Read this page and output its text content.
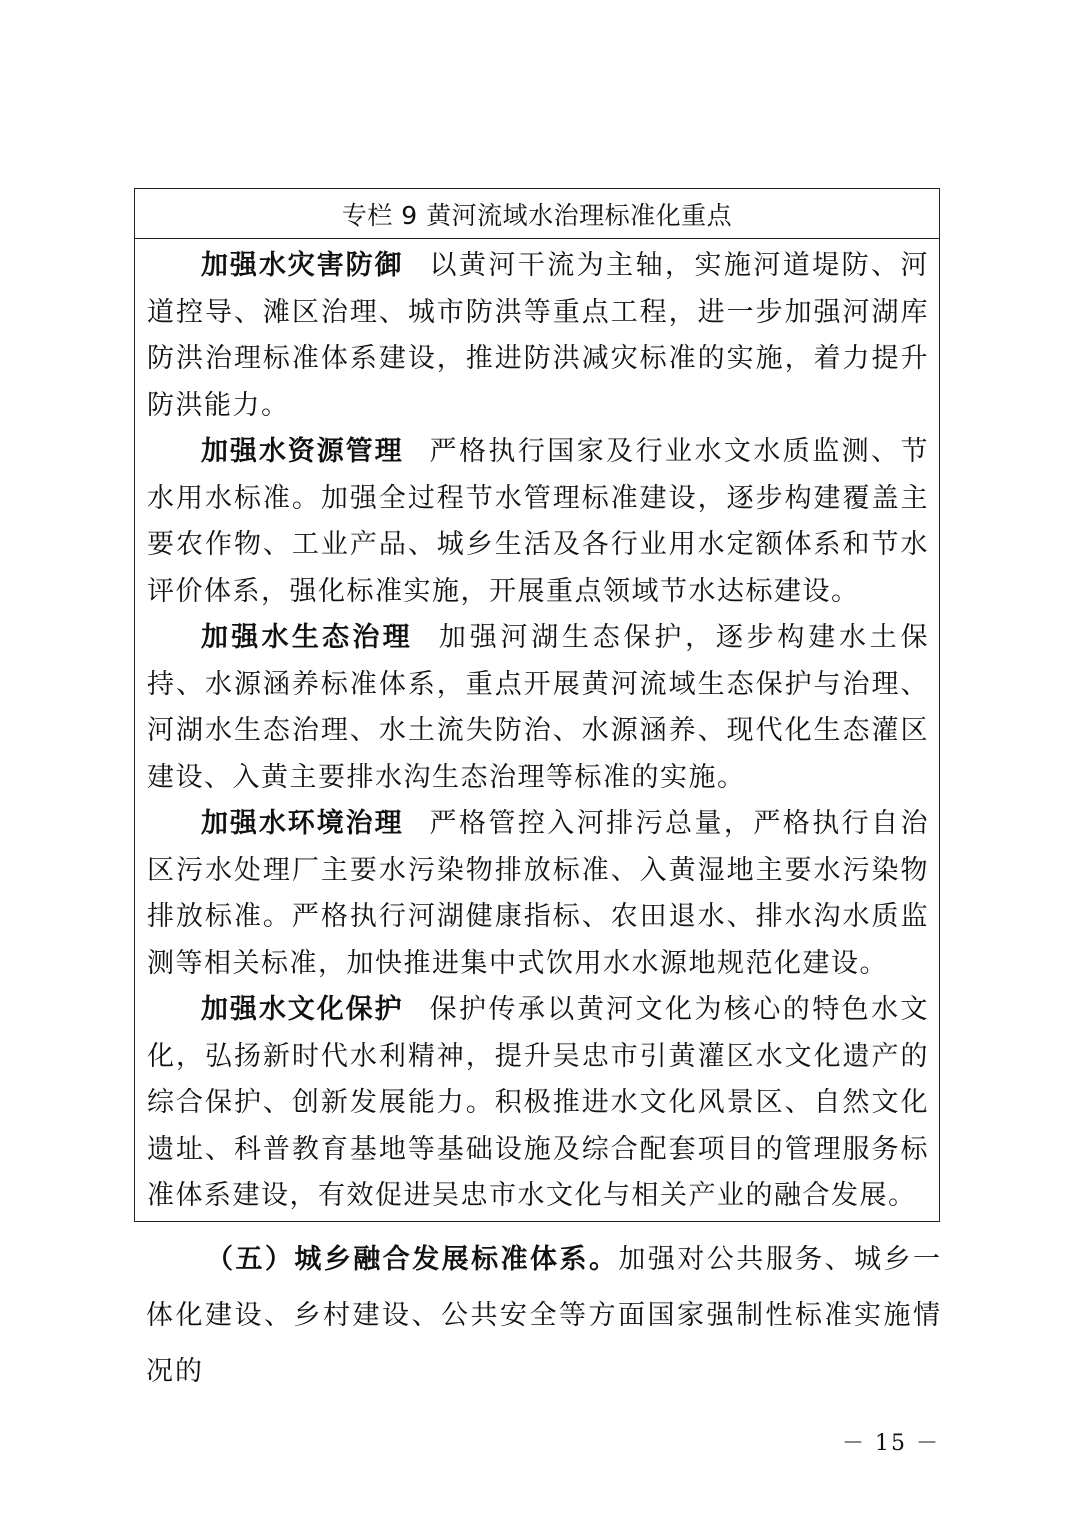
专栏 9 黄河流域水治理标准化重点

加强水灾害防御 以黄河干流为主轴，实施河道堤防、河道控导、滩区治理、城市防洪等重点工程，进一步加强河湖库防洪治理标准体系建设，推进防洪减灾标准的实施，着力提升防洪能力。

加强水资源管理 严格执行国家及行业水文水质监测、节水用水标准。加强全过程节水管理标准建设，逐步构建覆盖主要农作物、工业产品、城乡生活及各行业用水定额体系和节水评价体系，强化标准实施，开展重点领域节水达标建设。

加强水生态治理 加强河湖生态保护，逐步构建水土保持、水源涵养标准体系，重点开展黄河流域生态保护与治理、河湖水生态治理、水土流失防治、水源涵养、现代化生态灌区建设、入黄主要排水沟生态治理等标准的实施。

加强水环境治理 严格管控入河排污总量，严格执行自治区污水处理厂主要水污染物排放标准、入黄湿地主要水污染物排放标准。严格执行河湖健康指标、农田退水、排水沟水质监测等相关标准，加快推进集中式饮用水水源地规范化建设。

加强水文化保护 保护传承以黄河文化为核心的特色水文化，弘扬新时代水利精神，提升吴忠市引黄灌区水文化遗产的综合保护、创新发展能力。积极推进水文化风景区、自然文化遗址、科普教育基地等基础设施及综合配套项目的管理服务标准体系建设，有效促进吴忠市水文化与相关产业的融合发展。

（五）城乡融合发展标准体系。加强对公共服务、城乡一体化建设、乡村建设、公共安全等方面国家强制性标准实施情况的

－ 15 －
